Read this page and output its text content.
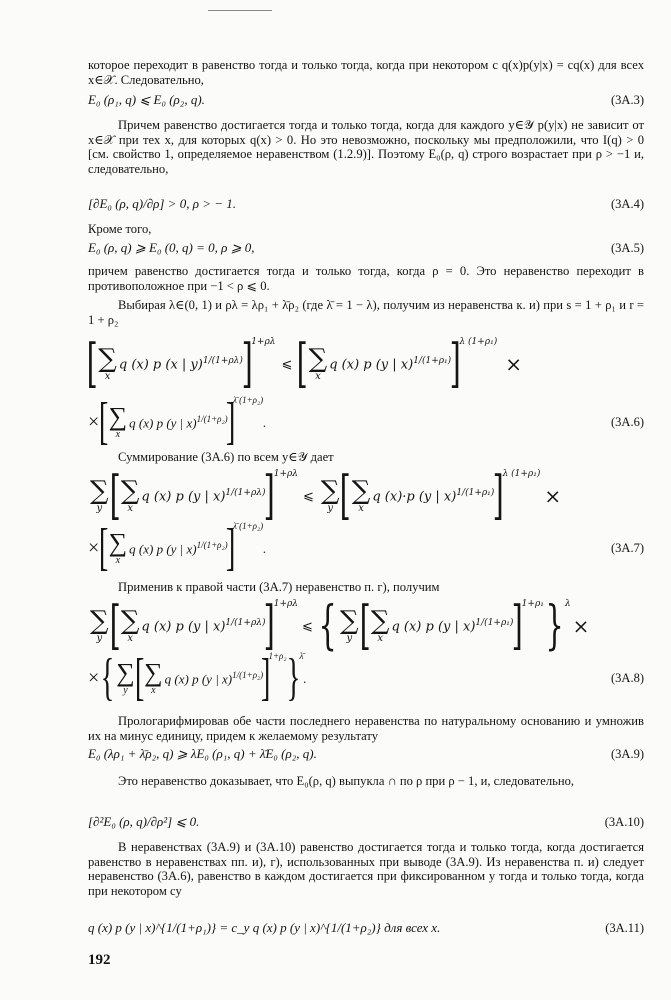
которое переходит в равенство тогда и только тогда, когда при некотором c q(x)p(y|x) = cq(x) для всех x∈𝒳. Следовательно,

E₀ (ρ₁, q) ⩽ E₀ (ρ₂, q).	(3А.3)

Причем равенство достигается тогда и только тогда, когда для каждого y∈𝒴 p(y|x) не зависит от x∈𝒳 при тех x, для которых q(x) > 0. Но это невозможно, поскольку мы предположили, что I(q) > 0 [см. свойство 1, определяемое неравенством (1.2.9)]. Поэтому E₀(ρ, q) строго возрастает при ρ > −1 и, следовательно,

[∂E₀ (ρ, q)/∂ρ] > 0, ρ > − 1.	(3А.4)

Кроме того,

E₀ (ρ, q) ⩾ E₀ (0, q) = 0, ρ ⩾ 0,	(3А.5)

причем равенство достигается тогда и только тогда, когда ρ = 0. Это неравенство переходит в противоположное при −1 < ρ ⩽ 0.

Выбирая λ∈(0, 1) и ρλ = λρ₁ + λ̄ρ₂ (где λ̄ = 1 − λ), получим из неравенства к. и) при s = 1 + ρ₁ и r = 1 + ρ₂

[ ∑
x
q (x) p (x | y)$^{1/(1+\rho\lambda)}$
]
1+ρλ
⩽ [ ∑
x
q (x) p (y | x)$^{1/(1+\rho_1)}$
]
λ (1+ρ₁)
×
× [ ∑
x
q (x) p (y | x)$^{1/(1+\rho_2)}$
]
λ̄ (1+ρ₂)
.	(3А.6)

Суммирование (3А.6) по всем y∈𝒴 дает

∑
y [ ∑
x
q (x) p (y | x)$^{1/(1+\rho\lambda)}$
]
1+ρλ
⩽ ∑
y [ ∑
x
q (x)·p (y | x)$^{1/(1+\rho_1)}$
]
λ (1+ρ₁)
×
× [ ∑
x
q (x) p (y | x)$^{1/(1+\rho_2)}$
]
λ̄ (1+ρ₂)
.	(3А.7)

Применив к правой части (3А.7) неравенство п. г), получим

∑
y [ ∑
x
q (x) p (y | x)$^{1/(1+\rho\lambda)}$
]
1+ρλ
⩽ { ∑
y [ ∑
x
q (x) p (y | x)$^{1/(1+\rho_1)}$
]
1+ρ₁ }$^\lambda$
×
× { ∑
y [ ∑
x
q (x) p (y | x)$^{1/(1+\rho_2)}$
]
1+ρ₂ }$^{\lambdā}$
.	(3А.8)

Прологарифмировав обе части последнего неравенства по натуральному основанию и умножив их на минус единицу, придем к желаемому результату

E₀ (λρ₁ + λ̄ρ₂, q) ⩾ λE₀ (ρ₁, q) + λ̄E₀ (ρ₂, q).	(3А.9)

Это неравенство доказывает, что E₀(ρ, q) выпукла ∩ по ρ при ρ − 1, и, следовательно,

[∂²E₀ (ρ, q)/∂ρ²] ⩽ 0.	(3А.10)

В неравенствах (3А.9) и (3А.10) равенство достигается тогда и только тогда, когда достигается равенство в неравенствах пп. и), г), использованных при выводе (3А.9). Из неравенства п. и) следует неравенство (3А.6), равенство в каждом достигается при фиксированном y тогда и только тогда, когда при некотором cy

q (x) p (y | x)^{1/(1+ρ₁)} = c_y q (x) p (y | x)^{1/(1+ρ₂)} для всех x.	(3А.11)
192
